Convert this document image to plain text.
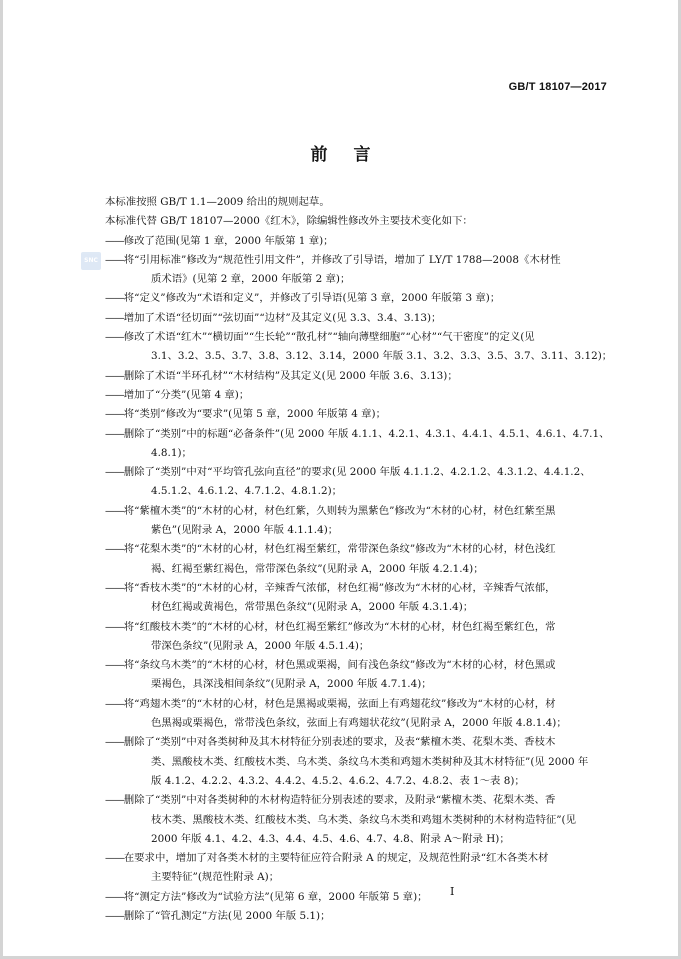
GB/T 18107—2017
前言
SNC

本标准按照 GB/T 1.1—2009 给出的规则起草。

本标准代替 GB/T 18107—2000《红木》，除编辑性修改外主要技术变化如下：

——修改了范围(见第 1 章，2000 年版第 1 章)；
——将“引用标准”修改为“规范性引用文件”，并修改了引导语，增加了 LY/T 1788—2008《木材性
质术语》(见第 2 章，2000 年版第 2 章)；
——将“定义”修改为“术语和定义”，并修改了引导语(见第 3 章，2000 年版第 3 章)；
——增加了术语“径切面”“弦切面”“边材”及其定义(见 3.3、3.4、3.13)；
——修改了术语“红木”“横切面”“生长轮”“散孔材”“轴向薄壁细胞”“心材”“气干密度”的定义(见
3.1、3.2、3.5、3.7、3.8、3.12、3.14，2000 年版 3.1、3.2、3.3、3.5、3.7、3.11、3.12)；
——删除了术语“半环孔材”“木材结构”及其定义(见 2000 年版 3.6、3.13)；
——增加了“分类”(见第 4 章)；
——将“类别”修改为“要求”(见第 5 章，2000 年版第 4 章)；
——删除了“类别”中的标题“必备条件”(见 2000 年版 4.1.1、4.2.1、4.3.1、4.4.1、4.5.1、4.6.1、4.7.1、
4.8.1)；
——删除了“类别”中对“平均管孔弦向直径”的要求(见 2000 年版 4.1.1.2、4.2.1.2、4.3.1.2、4.4.1.2、
4.5.1.2、4.6.1.2、4.7.1.2、4.8.1.2)；
——将“紫檀木类”的“木材的心材，材色红紫，久则转为黑紫色”修改为“木材的心材，材色红紫至黑
紫色”(见附录 A，2000 年版 4.1.1.4)；
——将“花梨木类”的“木材的心材，材色红褐至紫红，常带深色条纹”修改为“木材的心材，材色浅红
褐、红褐至紫红褐色，常带深色条纹”(见附录 A，2000 年版 4.2.1.4)；
——将“香枝木类”的“木材的心材，辛辣香气浓郁，材色红褐”修改为“木材的心材，辛辣香气浓郁，
材色红褐或黄褐色，常带黑色条纹”(见附录 A，2000 年版 4.3.1.4)；
——将“红酸枝木类”的“木材的心材，材色红褐至紫红”修改为“木材的心材，材色红褐至紫红色，常
带深色条纹”(见附录 A，2000 年版 4.5.1.4)；
——将“条纹乌木类”的“木材的心材，材色黑或栗褐，间有浅色条纹”修改为“木材的心材，材色黑或
栗褐色，具深浅相间条纹”(见附录 A，2000 年版 4.7.1.4)；
——将“鸡翅木类”的“木材的心材，材色是黑褐或栗褐，弦面上有鸡翅花纹”修改为“木材的心材，材
色黑褐或栗褐色，常带浅色条纹，弦面上有鸡翅状花纹”(见附录 A，2000 年版 4.8.1.4)；
——删除了“类别”中对各类树种及其木材特征分别表述的要求，及表“紫檀木类、花梨木类、香枝木
类、黑酸枝木类、红酸枝木类、乌木类、条纹乌木类和鸡翅木类树种及其木材特征”(见 2000 年
版 4.1.2、4.2.2、4.3.2、4.4.2、4.5.2、4.6.2、4.7.2、4.8.2、表 1～表 8)；
——删除了“类别”中对各类树种的木材构造特征分别表述的要求，及附录“紫檀木类、花梨木类、香
枝木类、黑酸枝木类、红酸枝木类、乌木类、条纹乌木类和鸡翅木类树种的木材构造特征”(见
2000 年版 4.1、4.2、4.3、4.4、4.5、4.6、4.7、4.8、附录 A～附录 H)；
——在要求中，增加了对各类木材的主要特征应符合附录 A 的规定，及规范性附录“红木各类木材
主要特征”(规范性附录 A)；
——将“测定方法”修改为“试验方法”(见第 6 章，2000 年版第 5 章)；
——删除了“管孔测定”方法(见 2000 年版 5.1)；
I
